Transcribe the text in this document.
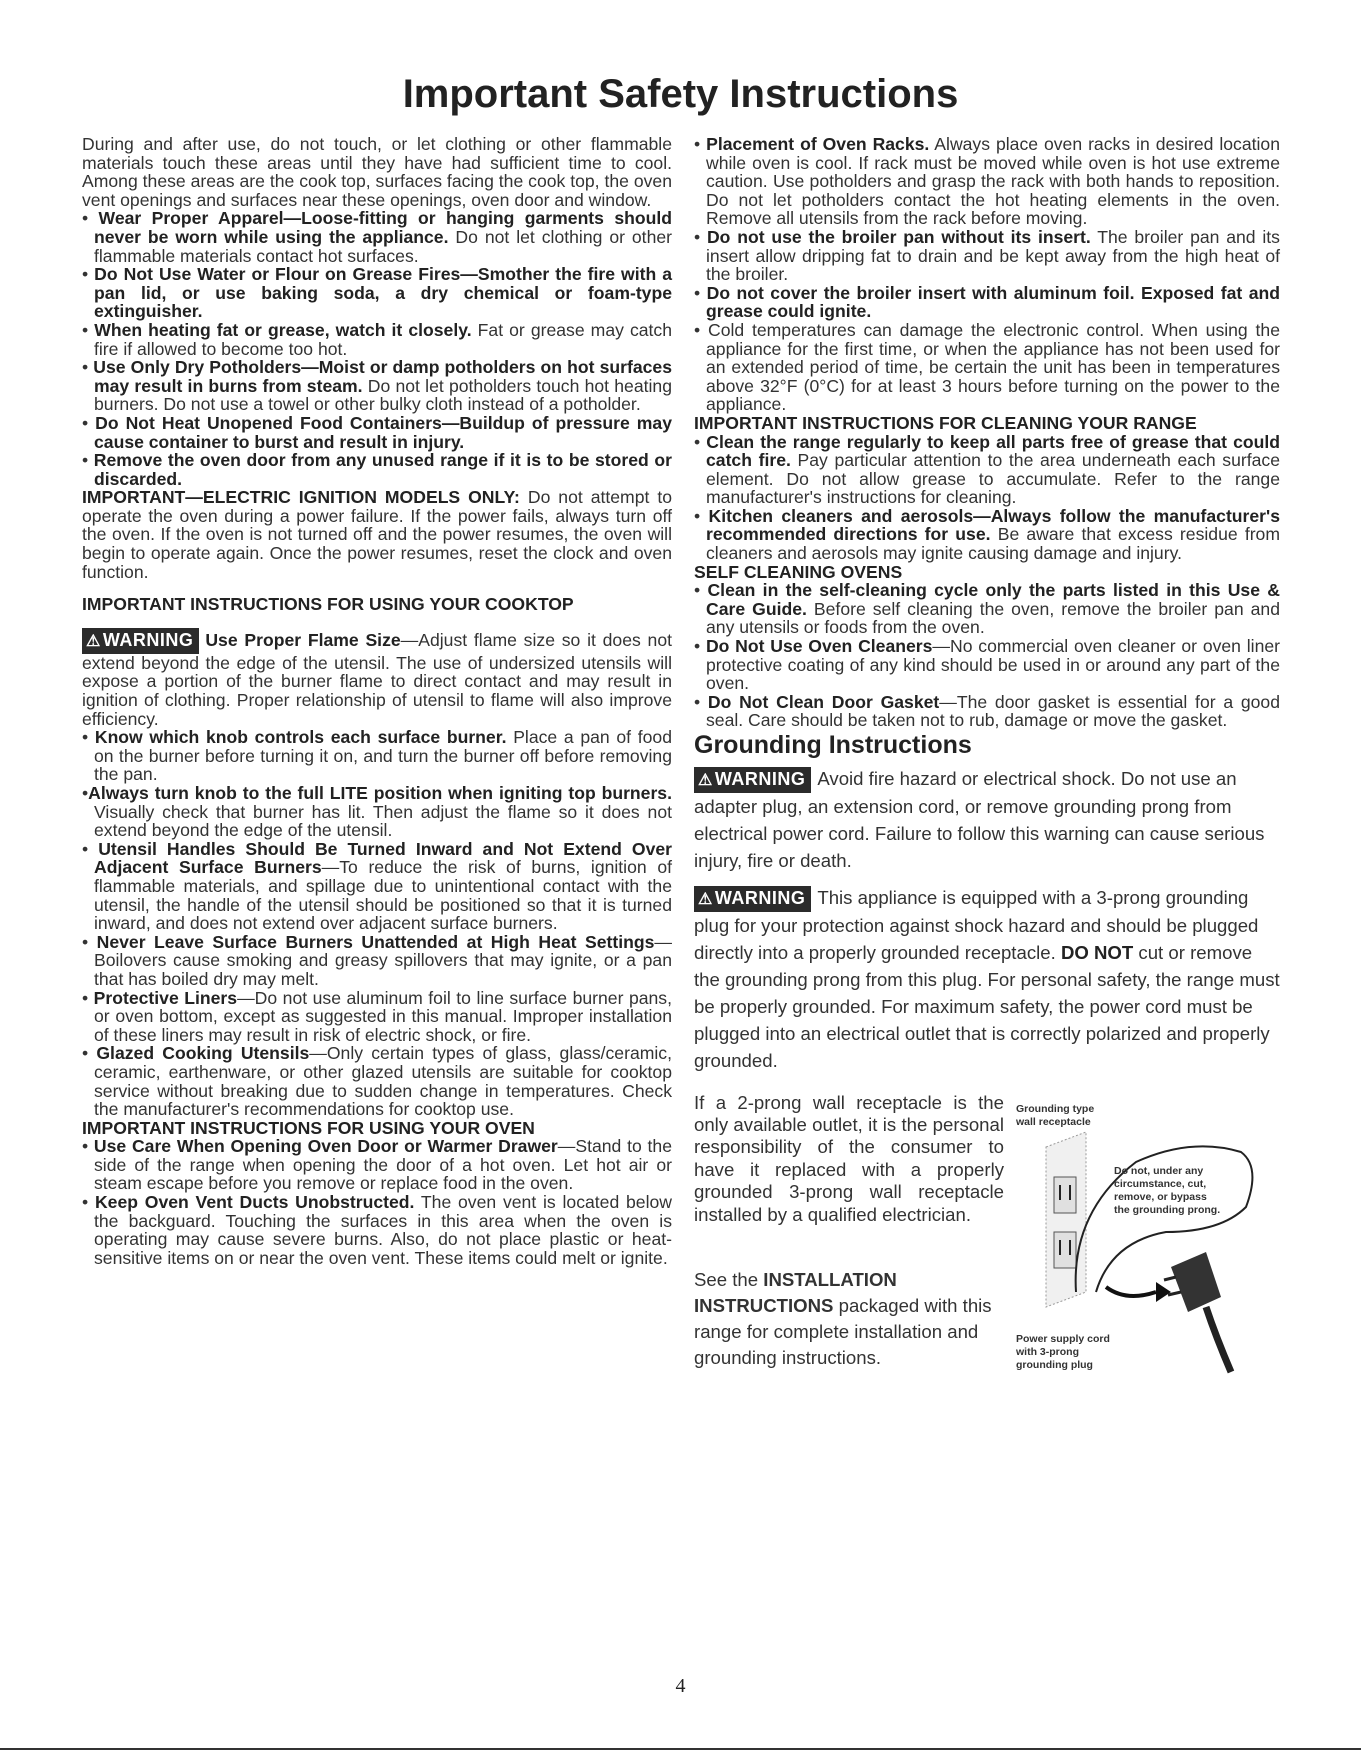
Important Safety Instructions

During and after use, do not touch, or let clothing or other flammable materials touch these areas until they have had sufficient time to cool. Among these areas are the cook top, surfaces facing the cook top, the oven vent openings and surfaces near these openings, oven door and window.

• Wear Proper Apparel—Loose-fitting or hanging garments should never be worn while using the appliance. Do not let clothing or other flammable materials contact hot surfaces.

• Do Not Use Water or Flour on Grease Fires—Smother the fire with a pan lid, or use baking soda, a dry chemical or foam-type extinguisher.

• When heating fat or grease, watch it closely. Fat or grease may catch fire if allowed to become too hot.

• Use Only Dry Potholders—Moist or damp potholders on hot surfaces may result in burns from steam. Do not let potholders touch hot heating burners. Do not use a towel or other bulky cloth instead of a potholder.

• Do Not Heat Unopened Food Containers—Buildup of pressure may cause container to burst and result in injury.

• Remove the oven door from any unused range if it is to be stored or discarded.

IMPORTANT—ELECTRIC IGNITION MODELS ONLY: Do not attempt to operate the oven during a power failure. If the power fails, always turn off the oven. If the oven is not turned off and the power resumes, the oven will begin to operate again. Once the power resumes, reset the clock and oven function.

IMPORTANT INSTRUCTIONS FOR USING YOUR COOKTOP

⚠ WARNING Use Proper Flame Size—Adjust flame size so it does not extend beyond the edge of the utensil. The use of undersized utensils will expose a portion of the burner flame to direct contact and may result in ignition of clothing. Proper relationship of utensil to flame will also improve efficiency.

• Know which knob controls each surface burner. Place a pan of food on the burner before turning it on, and turn the burner off before removing the pan.

•Always turn knob to the full LITE position when igniting top burners. Visually check that burner has lit. Then adjust the flame so it does not extend beyond the edge of the utensil.

• Utensil Handles Should Be Turned Inward and Not Extend Over Adjacent Surface Burners—To reduce the risk of burns, ignition of flammable materials, and spillage due to unintentional contact with the utensil, the handle of the utensil should be positioned so that it is turned inward, and does not extend over adjacent surface burners.

• Never Leave Surface Burners Unattended at High Heat Settings—Boilovers cause smoking and greasy spillovers that may ignite, or a pan that has boiled dry may melt.

• Protective Liners—Do not use aluminum foil to line surface burner pans, or oven bottom, except as suggested in this manual. Improper installation of these liners may result in risk of electric shock, or fire.

• Glazed Cooking Utensils—Only certain types of glass, glass/ceramic, ceramic, earthenware, or other glazed utensils are suitable for cooktop service without breaking due to sudden change in temperatures. Check the manufacturer's recommendations for cooktop use.

IMPORTANT INSTRUCTIONS FOR USING YOUR OVEN

• Use Care When Opening Oven Door or Warmer Drawer—Stand to the side of the range when opening the door of a hot oven. Let hot air or steam escape before you remove or replace food in the oven.

• Keep Oven Vent Ducts Unobstructed. The oven vent is located below the backguard. Touching the surfaces in this area when the oven is operating may cause severe burns. Also, do not place plastic or heat-sensitive items on or near the oven vent. These items could melt or ignite.

• Placement of Oven Racks. Always place oven racks in desired location while oven is cool. If rack must be moved while oven is hot use extreme caution. Use potholders and grasp the rack with both hands to reposition. Do not let potholders contact the hot heating elements in the oven. Remove all utensils from the rack before moving.

• Do not use the broiler pan without its insert. The broiler pan and its insert allow dripping fat to drain and be kept away from the high heat of the broiler.

• Do not cover the broiler insert with aluminum foil. Exposed fat and grease could ignite.

• Cold temperatures can damage the electronic control. When using the appliance for the first time, or when the appliance has not been used for an extended period of time, be certain the unit has been in temperatures above 32°F (0°C) for at least 3 hours before turning on the power to the appliance.

IMPORTANT INSTRUCTIONS FOR CLEANING YOUR RANGE

• Clean the range regularly to keep all parts free of grease that could catch fire. Pay particular attention to the area underneath each surface element. Do not allow grease to accumulate. Refer to the range manufacturer's instructions for cleaning.

• Kitchen cleaners and aerosols—Always follow the manufacturer's recommended directions for use. Be aware that excess residue from cleaners and aerosols may ignite causing damage and injury.

SELF CLEANING OVENS

• Clean in the self-cleaning cycle only the parts listed in this Use & Care Guide. Before self cleaning the oven, remove the broiler pan and any utensils or foods from the oven.

• Do Not Use Oven Cleaners—No commercial oven cleaner or oven liner protective coating of any kind should be used in or around any part of the oven.

• Do Not Clean Door Gasket—The door gasket is essential for a good seal. Care should be taken not to rub, damage or move the gasket.

Grounding Instructions

⚠ WARNING Avoid fire hazard or electrical shock. Do not use an adapter plug, an extension cord, or remove grounding prong from electrical power cord. Failure to follow this warning can cause serious injury, fire or death.

⚠ WARNING This appliance is equipped with a 3-prong grounding plug for your protection against shock hazard and should be plugged directly into a properly grounded receptacle. DO NOT cut or remove the grounding prong from this plug. For personal safety, the range must be properly grounded. For maximum safety, the power cord must be plugged into an electrical outlet that is correctly polarized and properly grounded.

If a 2-prong wall receptacle is the only available outlet, it is the personal responsibility of the consumer to have it replaced with a properly grounded 3-prong wall receptacle installed by a qualified electrician.
See the INSTALLATION INSTRUCTIONS packaged with this range for complete installation and grounding instructions.
Grounding type
wall receptacle
Do not, under any
circumstance, cut,
remove, or bypass
the grounding prong.
Power supply cord
with 3-prong
grounding plug
4
